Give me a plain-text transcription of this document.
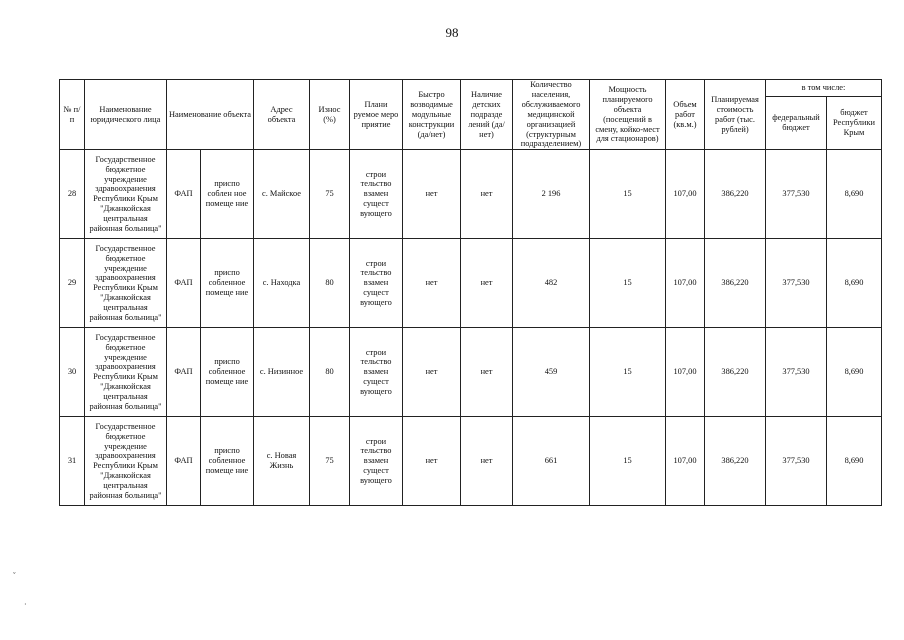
98
№ п/п	Наименование юридического лица	Наименование объекта		Адрес объекта	Износ (%)	Плани руемое меро приятие	Быстро возводимые модульные конструкции (да/нет)	Наличие детских подразде лений (да/нет)	Количество населения, обслуживаемого медицинской организацией (структурным подразделением)	Мощность планируемого объекта (посещений в смену, койко-мест для стационаров)	Объем работ (кв.м.)	Планируемая стоимость работ (тыс. рублей)	в том числе:	
													федеральный бюджет	бюджет Республики Крым
28	Государственное бюджетное учреждение здравоохранения Республики Крым "Джанкойская центральная районная больница"	ФАП	приспо соблен ное помеще ние	с. Майское	75	строи тельство взамен сущест вующего	нет	нет	2 196	15	107,00	386,220	377,530	8,690
29	Государственное бюджетное учреждение здравоохранения Республики Крым "Джанкойская центральная районная больница"	ФАП	приспо собленное помеще ние	с. Находка	80	строи тельство взамен сущест вующего	нет	нет	482	15	107,00	386,220	377,530	8,690
30	Государственное бюджетное учреждение здравоохранения Республики Крым "Джанкойская центральная районная больница"	ФАП	приспо собленное помеще ние	с. Низинное	80	строи тельство взамен сущест вующего	нет	нет	459	15	107,00	386,220	377,530	8,690
31	Государственное бюджетное учреждение здравоохранения Республики Крым "Джанкойская центральная районная больница"	ФАП	приспо собленное помеще ние	с. Новая Жизнь	75	строи тельство взамен сущест вующего	нет	нет	661	15	107,00	386,220	377,530	8,690
ˇ
·
